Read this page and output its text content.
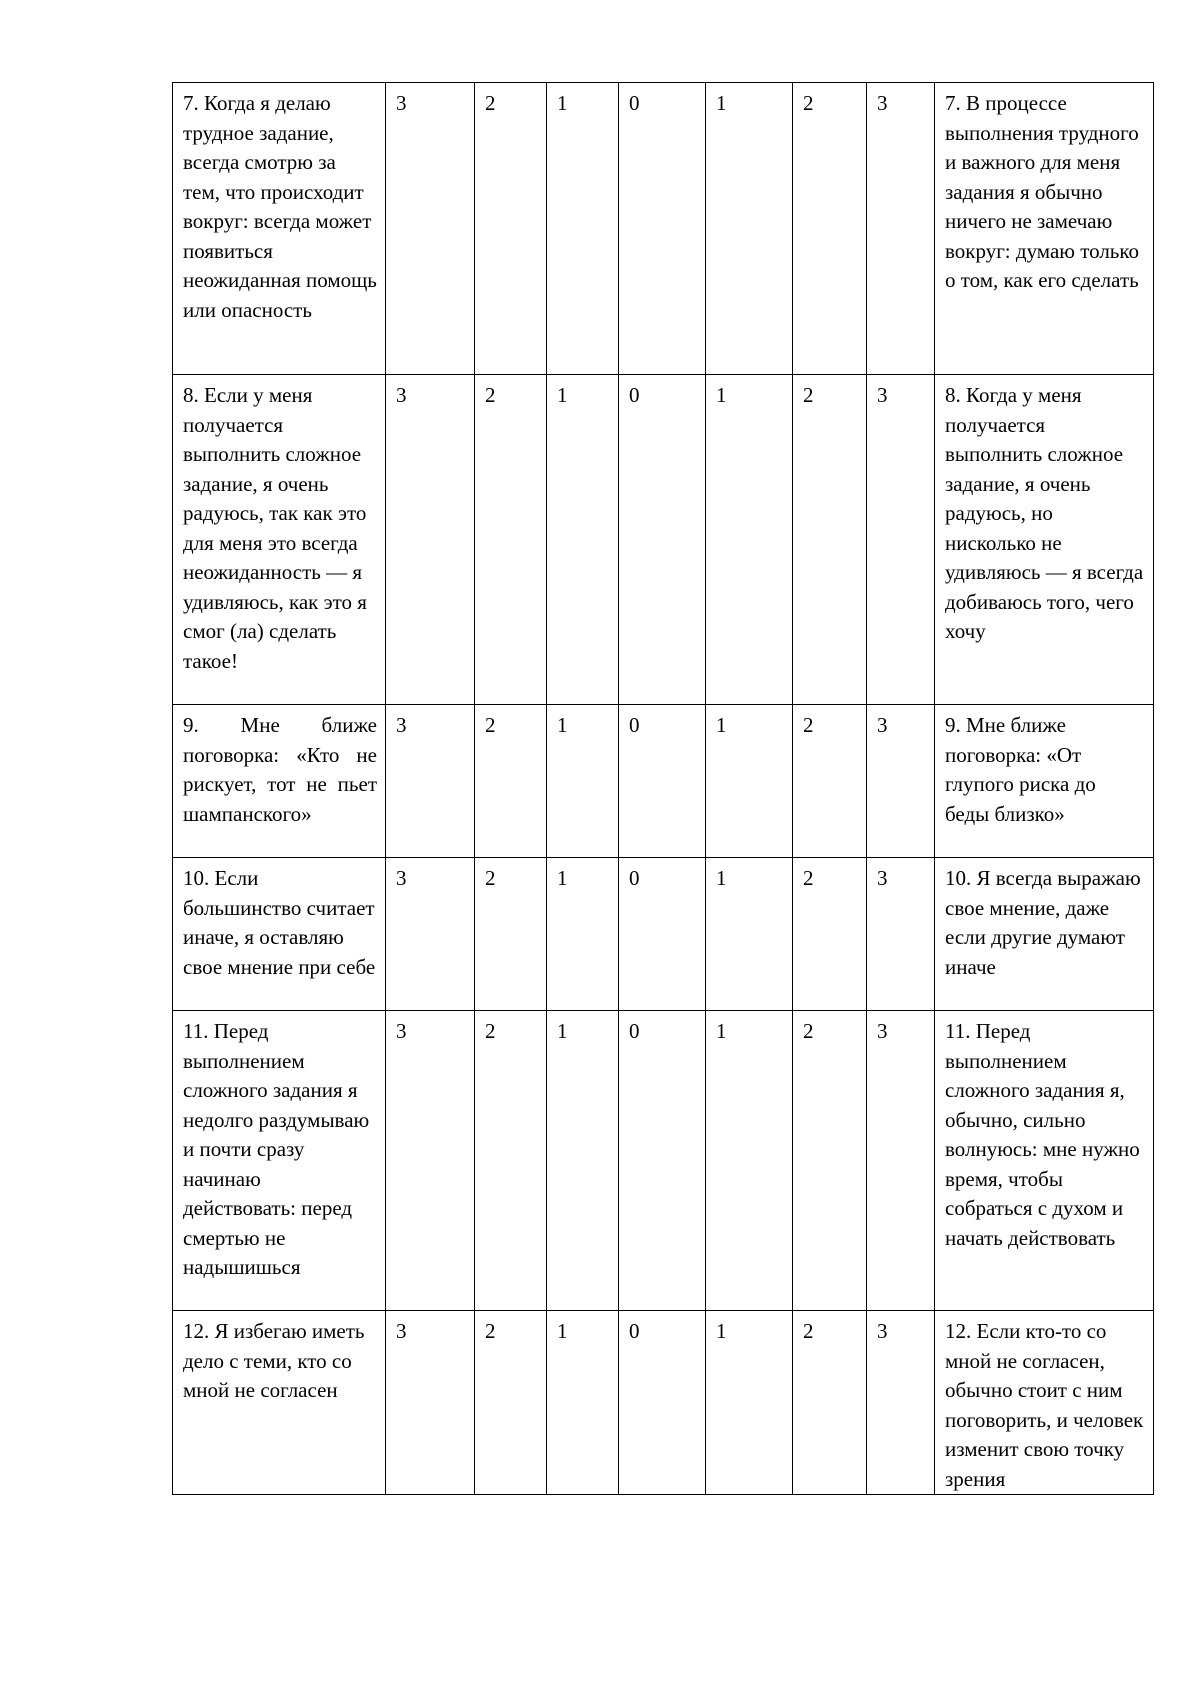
7. Когда я делаю трудное задание, всегда смотрю за тем, что происходит вокруг: всегда может появиться неожиданная помощь или опасность	3	2	1	0	1	2	3	7. В процессе выполнения трудного и важного для меня задания я обычно ничего не замечаю вокруг: думаю только о том, как его сделать
8. Если у меня получается выполнить сложное задание, я очень радуюсь, так как это для меня это всегда неожиданность — я удивляюсь, как это я смог (ла) сделать такое!	3	2	1	0	1	2	3	8. Когда у меня получается выполнить сложное задание, я очень радуюсь, но нисколько не удивляюсь — я всегда добиваюсь того, чего хочу
9. Мне ближе поговорка: «Кто не рискует, тот не пьет шампанского»	3	2	1	0	1	2	3	9. Мне ближе поговорка: «От глупого риска до беды близко»
10. Если большинство считает иначе, я оставляю свое мнение при себе	3	2	1	0	1	2	3	10. Я всегда выражаю свое мнение, даже если другие думают иначе
11. Перед выполнением сложного задания я недолго раздумываю и почти сразу начинаю действовать: перед смертью не надышишься	3	2	1	0	1	2	3	11. Перед выполнением сложного задания я, обычно, сильно волнуюсь: мне нужно время, чтобы собраться с духом и начать действовать
12. Я избегаю иметь дело с теми, кто со мной не согласен	3	2	1	0	1	2	3	12. Если кто-то со мной не согласен, обычно стоит с ним поговорить, и человек изменит свою точку зрения
